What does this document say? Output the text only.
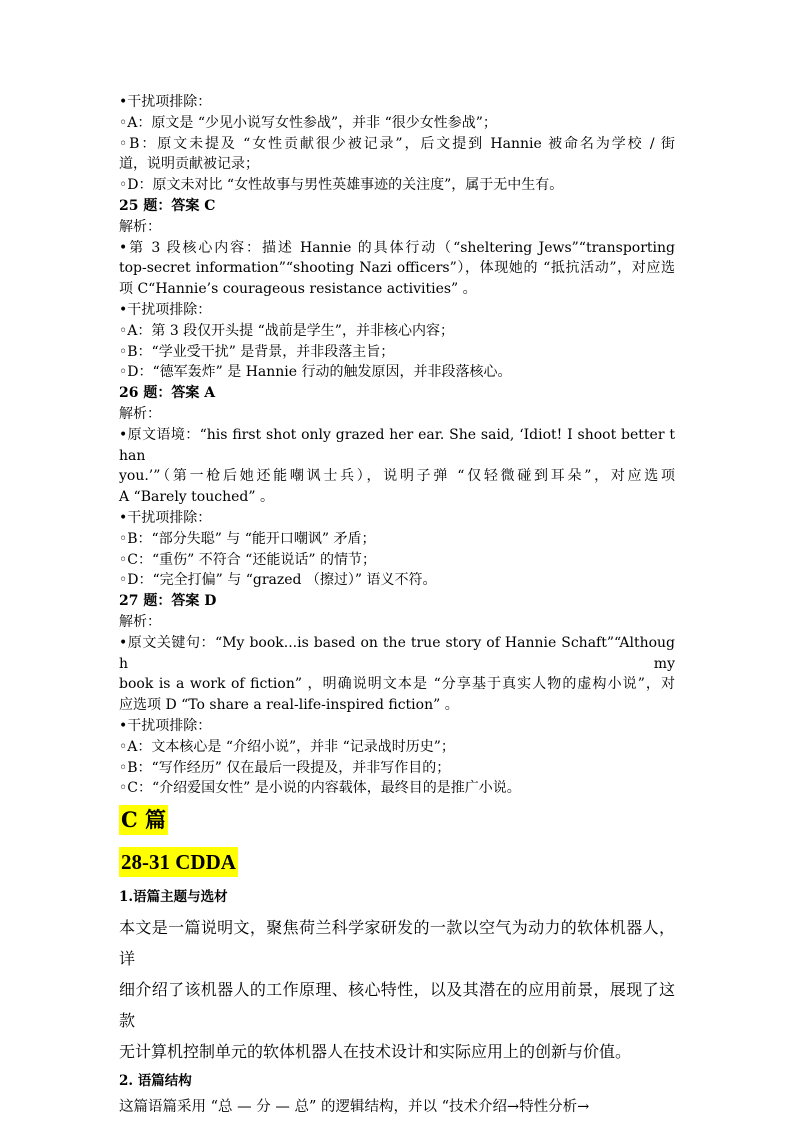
•干扰项排除：

◦A：原文是 “少见小说写女性参战”，并非 “很少女性参战”；

◦B：原文未提及 “女性贡献很少被记录”，后文提到 Hannie 被命名为学校 / 街

道，说明贡献被记录；

◦D：原文未对比 “女性故事与男性英雄事迹的关注度”，属于无中生有。

25 题：答案 C

解析：

•第 3 段核心内容：描述 Hannie 的具体行动（“sheltering Jews”“transporting

top-secret information”“shooting Nazi officers”），体现她的 “抵抗活动”，对应选

项 C“Hannie’s courageous resistance activities” 。

•干扰项排除：

◦A：第 3 段仅开头提 “战前是学生”，并非核心内容；

◦B：“学业受干扰” 是背景，并非段落主旨；

◦D：“德军轰炸” 是 Hannie 行动的触发原因，并非段落核心。

26 题：答案 A

解析：

•原文语境：“his first shot only grazed her ear. She said, ‘Idiot! I shoot better than

you.’”（第一枪后她还能嘲讽士兵），说明子弹 “仅轻微碰到耳朵”，对应选项

A “Barely touched” 。

•干扰项排除：

◦B：“部分失聪” 与 “能开口嘲讽” 矛盾；

◦C：“重伤” 不符合 “还能说话” 的情节；

◦D：“完全打偏” 与 “grazed （擦过）” 语义不符。

27 题：答案 D

解析：

•原文关键句：“My book...is based on the true story of Hannie Schaft”“Although my

book is a work of fiction” ，明确说明文本是 “分享基于真实人物的虚构小说”，对

应选项 D “To share a real-life-inspired fiction” 。

•干扰项排除：

◦A：文本核心是 “介绍小说”，并非 “记录战时历史”；

◦B：“写作经历” 仅在最后一段提及，并非写作目的；

◦C：“介绍爱国女性” 是小说的内容载体，最终目的是推广小说。

C 篇
28-31 CDDA

1.语篇主题与选材

本文是一篇说明文，聚焦荷兰科学家研发的一款以空气为动力的软体机器人，详

细介绍了该机器人的工作原理、核心特性，以及其潜在的应用前景，展现了这款

无计算机控制单元的软体机器人在技术设计和实际应用上的创新与价值。

2. 语篇结构

这篇语篇采用 “总 — 分 — 总” 的逻辑结构，并以 “技术介绍→特性分析→
